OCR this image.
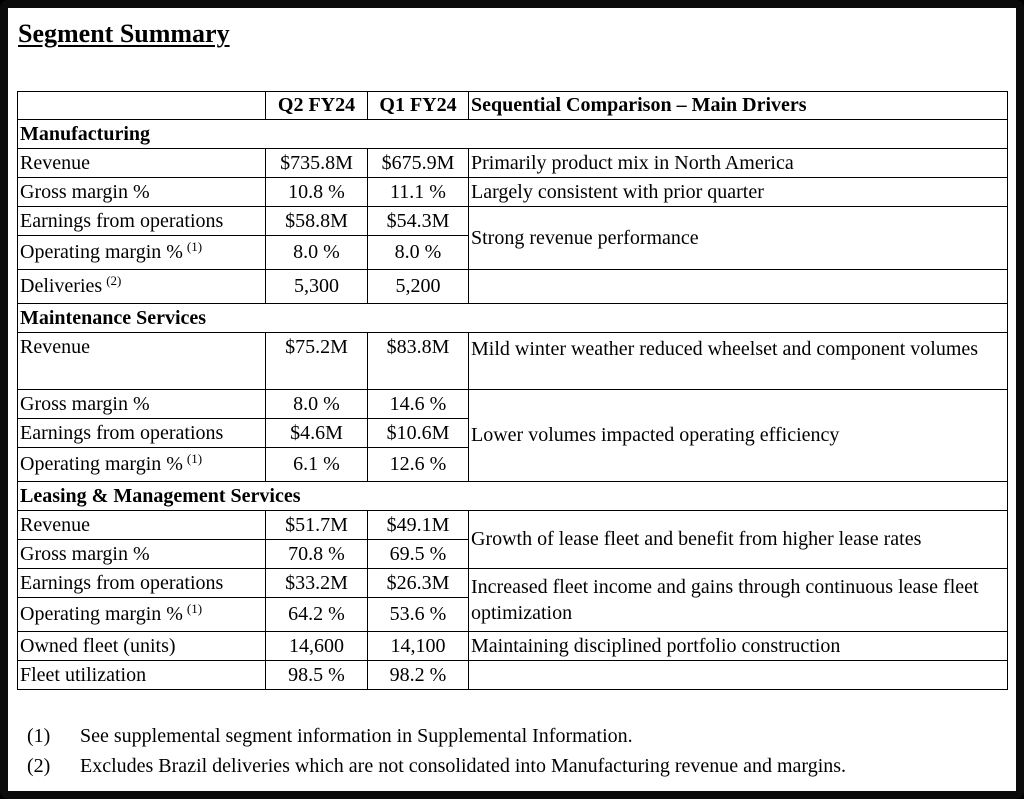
Segment Summary
	Q2 FY24	Q1 FY24	Sequential Comparison – Main Drivers
Manufacturing			
Revenue	$735.8M	$675.9M	Primarily product mix in North America
Gross margin %	10.8 %	11.1 %	Largely consistent with prior quarter
Earnings from operations	$58.8M	$54.3M	Strong revenue performance
Operating margin % $^{(1)}$	8.0 %	8.0 %	
Deliveries $^{(2)}$	5,300	5,200	
Maintenance Services			
Revenue	$75.2M	$83.8M	Mild winter weather reduced wheelset and component volumes
Gross margin %	8.0 %	14.6 %	Lower volumes impacted operating efficiency
Earnings from operations	$4.6M	$10.6M	
Operating margin % $^{(1)}$	6.1 %	12.6 %	
Leasing & Management Services			
Revenue	$51.7M	$49.1M	Growth of lease fleet and benefit from higher lease rates
Gross margin %	70.8 %	69.5 %	
Earnings from operations	$33.2M	$26.3M	Increased fleet income and gains through continuous lease fleet optimization
Operating margin % $^{(1)}$	64.2 %	53.6 %	
Owned fleet (units)	14,600	14,100	Maintaining disciplined portfolio construction
Fleet utilization	98.5 %	98.2 %	
(1)	See supplemental segment information in Supplemental Information.
(2)	Excludes Brazil deliveries which are not consolidated into Manufacturing revenue and margins.
